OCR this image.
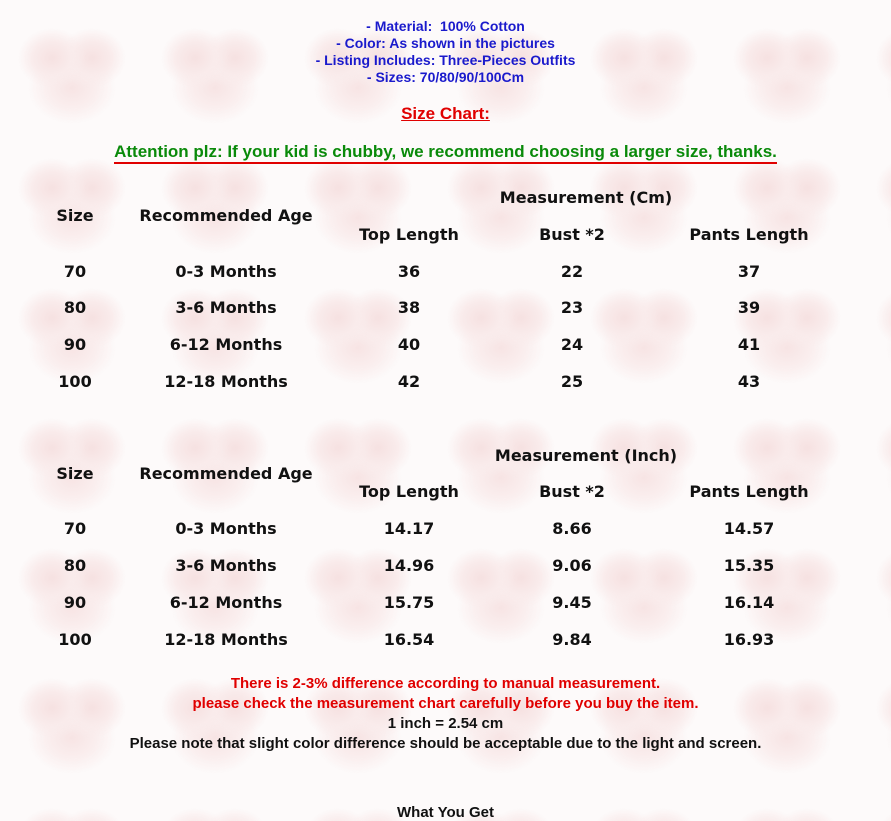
- Material:  100% Cotton
- Color: As shown in the pictures
- Listing Includes: Three-Pieces Outfits
- Sizes: 70/80/90/100Cm
Size Chart:
Attention plz: If your kid is chubby, we recommend choosing a larger size, thanks.
Measurement (Cm)
Size	Recommended Age
Top Length	Bust *2	Pants Length
70	0-3 Months	36	22	37
80	3-6 Months	38	23	39
90	6-12 Months	40	24	41
100	12-18 Months	42	25	43
Measurement (Inch)
Size	Recommended Age
Top Length	Bust *2	Pants Length
70	0-3 Months	14.17	8.66	14.57
80	3-6 Months	14.96	9.06	15.35
90	6-12 Months	15.75	9.45	16.14
100	12-18 Months	16.54	9.84	16.93
There is 2-3% difference according to manual measurement.
please check the measurement chart carefully before you buy the item.
1 inch = 2.54 cm
Please note that slight color difference should be acceptable due to the light and screen.
What You Get
